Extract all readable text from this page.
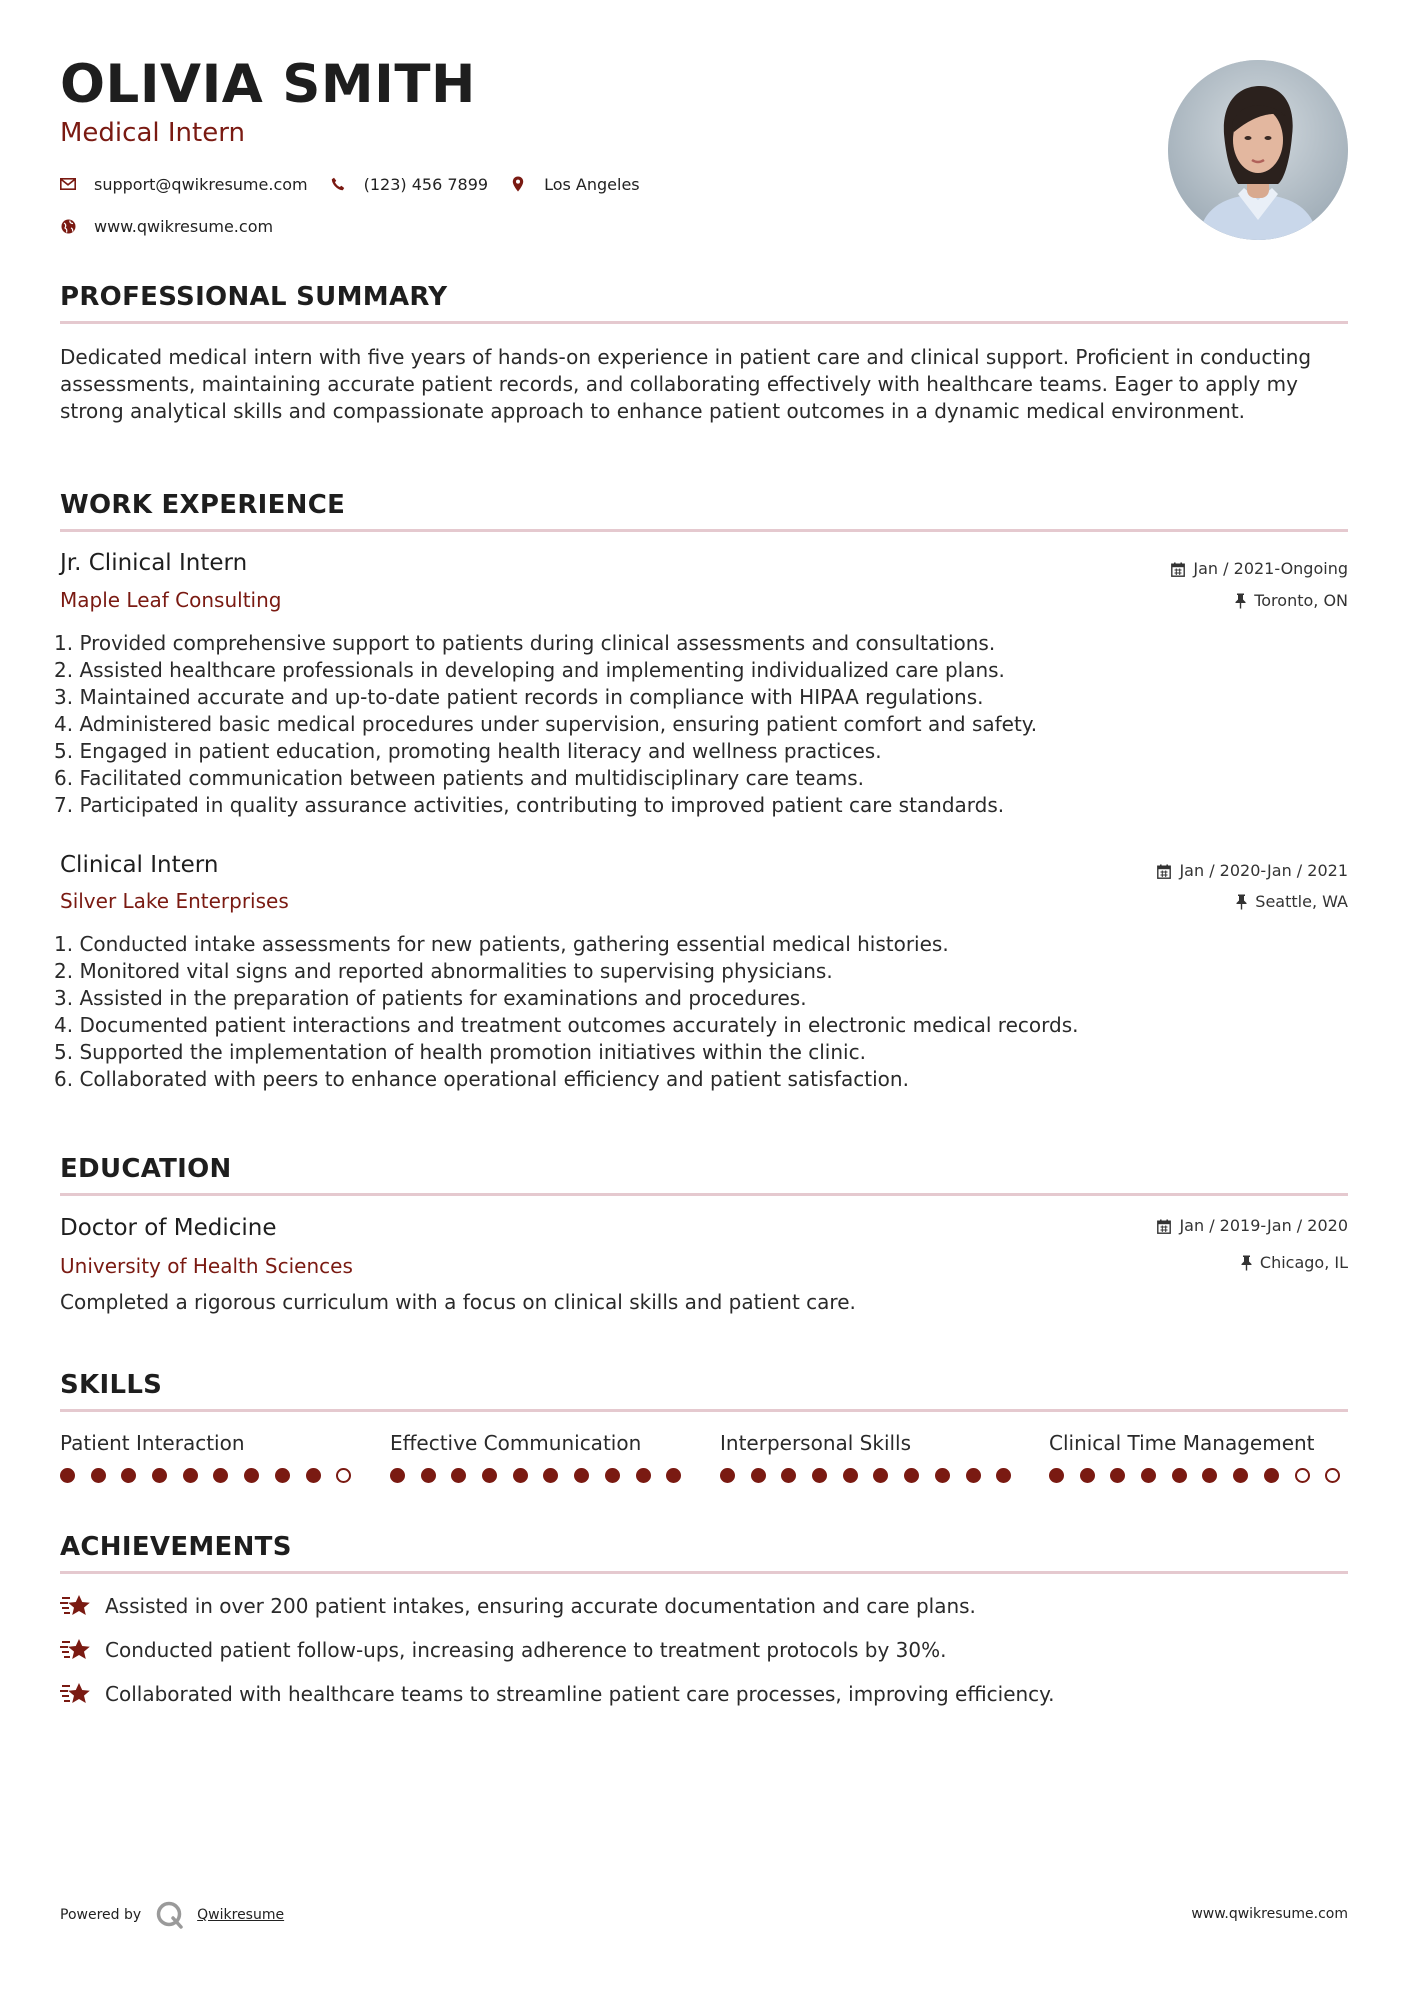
OLIVIA SMITH
Medical Intern
support@qwikresume.com	(123) 456 7899	Los Angeles
www.qwikresume.com
PROFESSIONAL SUMMARY
Dedicated medical intern with five years of hands-on experience in patient care and clinical support. Proficient in conducting assessments, maintaining accurate patient records, and collaborating effectively with healthcare teams. Eager to apply my strong analytical skills and compassionate approach to enhance patient outcomes in a dynamic medical environment.
WORK EXPERIENCE
Jr. Clinical Intern	Jan / 2021-Ongoing
Maple Leaf Consulting	Toronto, ON
1. Provided comprehensive support to patients during clinical assessments and consultations.
2. Assisted healthcare professionals in developing and implementing individualized care plans.
3. Maintained accurate and up-to-date patient records in compliance with HIPAA regulations.
4. Administered basic medical procedures under supervision, ensuring patient comfort and safety.
5. Engaged in patient education, promoting health literacy and wellness practices.
6. Facilitated communication between patients and multidisciplinary care teams.
7. Participated in quality assurance activities, contributing to improved patient care standards.
Clinical Intern	Jan / 2020-Jan / 2021
Silver Lake Enterprises	Seattle, WA
1. Conducted intake assessments for new patients, gathering essential medical histories.
2. Monitored vital signs and reported abnormalities to supervising physicians.
3. Assisted in the preparation of patients for examinations and procedures.
4. Documented patient interactions and treatment outcomes accurately in electronic medical records.
5. Supported the implementation of health promotion initiatives within the clinic.
6. Collaborated with peers to enhance operational efficiency and patient satisfaction.
EDUCATION
Doctor of Medicine	Jan / 2019-Jan / 2020
University of Health Sciences	Chicago, IL
Completed a rigorous curriculum with a focus on clinical skills and patient care.
SKILLS
Patient Interaction	Effective Communication	Interpersonal Skills	Clinical Time Management
ACHIEVEMENTS
Assisted in over 200 patient intakes, ensuring accurate documentation and care plans.
Conducted patient follow-ups, increasing adherence to treatment protocols by 30%.
Collaborated with healthcare teams to streamline patient care processes, improving efficiency.
Powered by	Qwikresume	www.qwikresume.com
